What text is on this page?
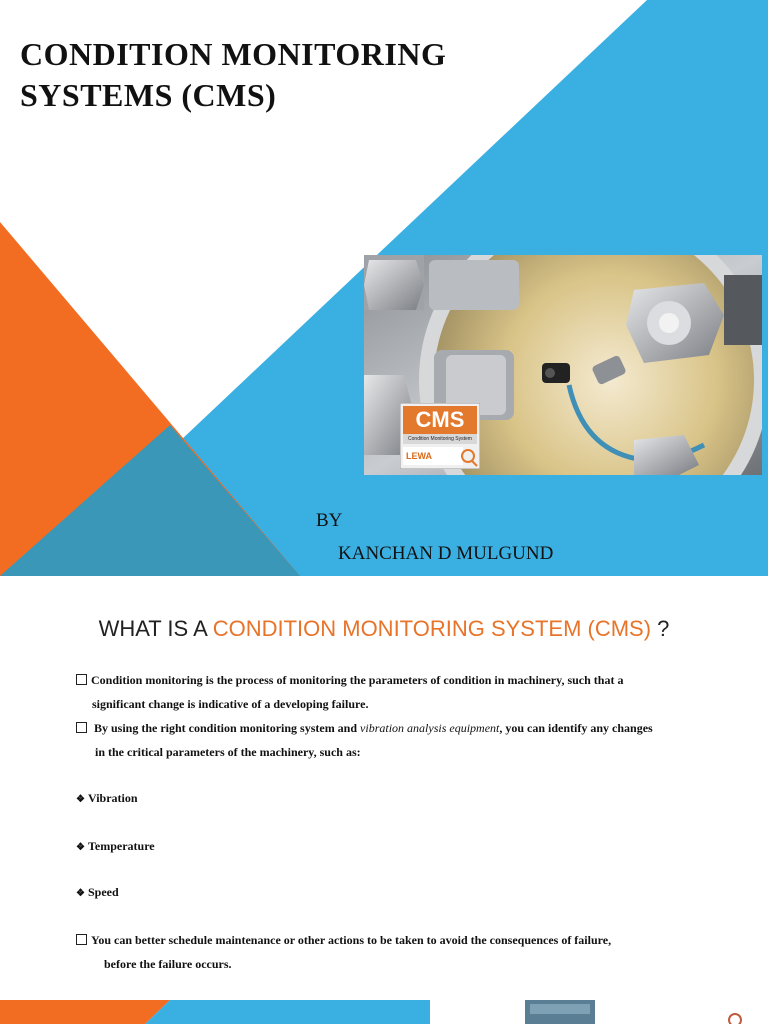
CONDITION MONITORING
SYSTEMS (CMS)
CMS
Condition Monitoring System
LEWA
BY
KANCHAN D MULGUND
WHAT IS A CONDITION MONITORING SYSTEM (CMS) ?
Condition monitoring is the process of monitoring the parameters of condition in machinery, such that a
significant change is indicative of a developing failure.
By using the right condition monitoring system and vibration analysis equipment, you can identify any changes
in the critical parameters of the machinery, such as:
❖ Vibration
❖ Temperature
❖ Speed
You can better schedule maintenance or other actions to be taken to avoid the consequences of failure,
before the failure occurs.
